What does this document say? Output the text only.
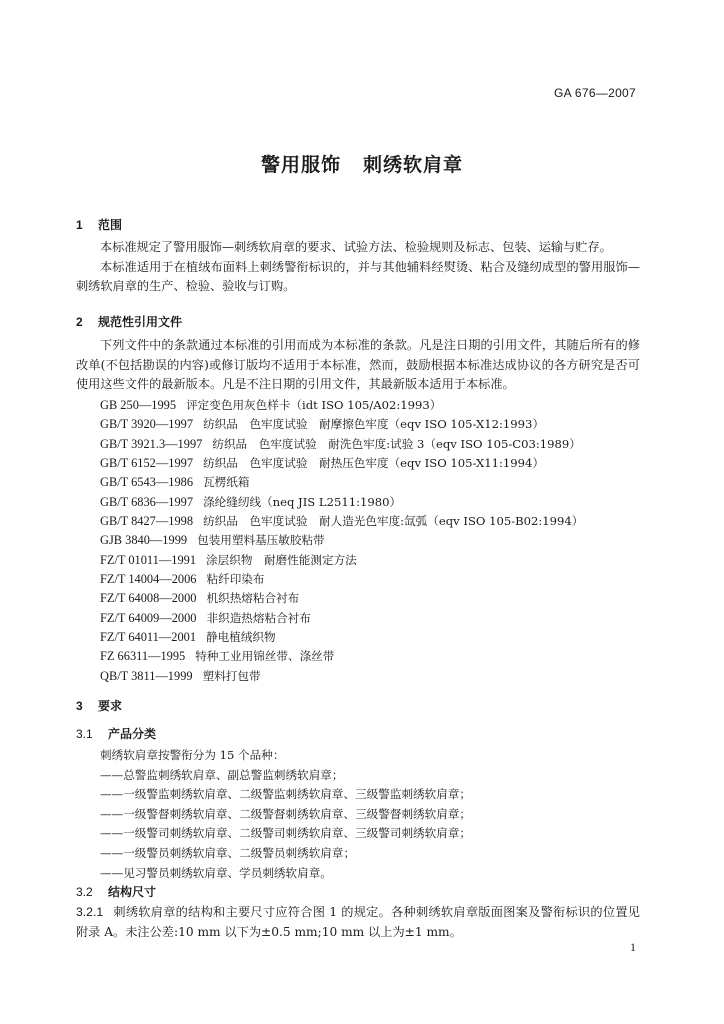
GA 676—2007
警用服饰 刺绣软肩章
1 范围

本标准规定了警用服饰—刺绣软肩章的要求、试验方法、检验规则及标志、包装、运输与贮存。

本标准适用于在植绒布面料上刺绣警衔标识的，并与其他辅料经熨烫、粘合及缝纫成型的警用服饰—刺绣软肩章的生产、检验、验收与订购。

2 规范性引用文件

下列文件中的条款通过本标准的引用而成为本标准的条款。凡是注日期的引用文件，其随后所有的修改单(不包括勘误的内容)或修订版均不适用于本标准，然而，鼓励根据本标准达成协议的各方研究是否可使用这些文件的最新版本。凡是不注日期的引用文件，其最新版本适用于本标准。

GB 250—1995 评定变色用灰色样卡（idt ISO 105/A02:1993）
GB/T 3920—1997 纺织品　色牢度试验　耐摩擦色牢度（eqv ISO 105-X12:1993）
GB/T 3921.3—1997 纺织品　色牢度试验　耐洗色牢度:试验 3（eqv ISO 105-C03:1989）
GB/T 6152—1997 纺织品　色牢度试验　耐热压色牢度（eqv ISO 105-X11:1994）
GB/T 6543—1986 瓦楞纸箱
GB/T 6836—1997 涤纶缝纫线（neq JIS L2511:1980）
GB/T 8427—1998 纺织品　色牢度试验　耐人造光色牢度:氙弧（eqv ISO 105-B02:1994）
GJB 3840—1999 包装用塑料基压敏胶粘带
FZ/T 01011—1991 涂层织物　耐磨性能测定方法
FZ/T 14004—2006 粘纤印染布
FZ/T 64008—2000 机织热熔粘合衬布
FZ/T 64009—2000 非织造热熔粘合衬布
FZ/T 64011—2001 静电植绒织物
FZ 66311—1995 特种工业用锦丝带、涤丝带
QB/T 3811—1999 塑料打包带
3 要求
3.1 产品分类
刺绣软肩章按警衔分为 15 个品种：
——总警监刺绣软肩章、副总警监刺绣软肩章；
——一级警监刺绣软肩章、二级警监刺绣软肩章、三级警监刺绣软肩章；
——一级警督刺绣软肩章、二级警督刺绣软肩章、三级警督刺绣软肩章；
——一级警司刺绣软肩章、二级警司刺绣软肩章、三级警司刺绣软肩章；
——一级警员刺绣软肩章、二级警员刺绣软肩章；
——见习警员刺绣软肩章、学员刺绣软肩章。
3.2 结构尺寸

3.2.1 刺绣软肩章的结构和主要尺寸应符合图 1 的规定。各种刺绣软肩章版面图案及警衔标识的位置见附录 A。未注公差:10 mm 以下为±0.5 mm;10 mm 以上为±1 mm。

1
